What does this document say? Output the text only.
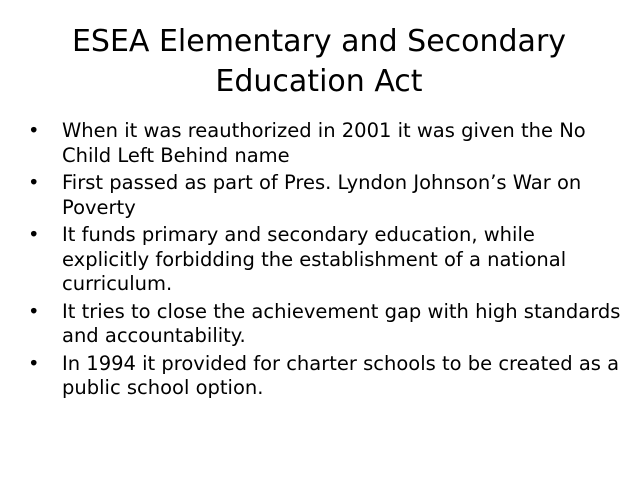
ESEA Elementary and Secondary
Education Act
•	When it was reauthorized in 2001 it was given the No Child Left Behind name
•	First passed as part of Pres. Lyndon Johnson’s War on Poverty
•	It funds primary and secondary education, while explicitly forbidding the establishment of a national curriculum.
•	It tries to close the achievement gap with high standards and accountability.
•	In 1994 it provided for charter schools to be created as a public school option.
